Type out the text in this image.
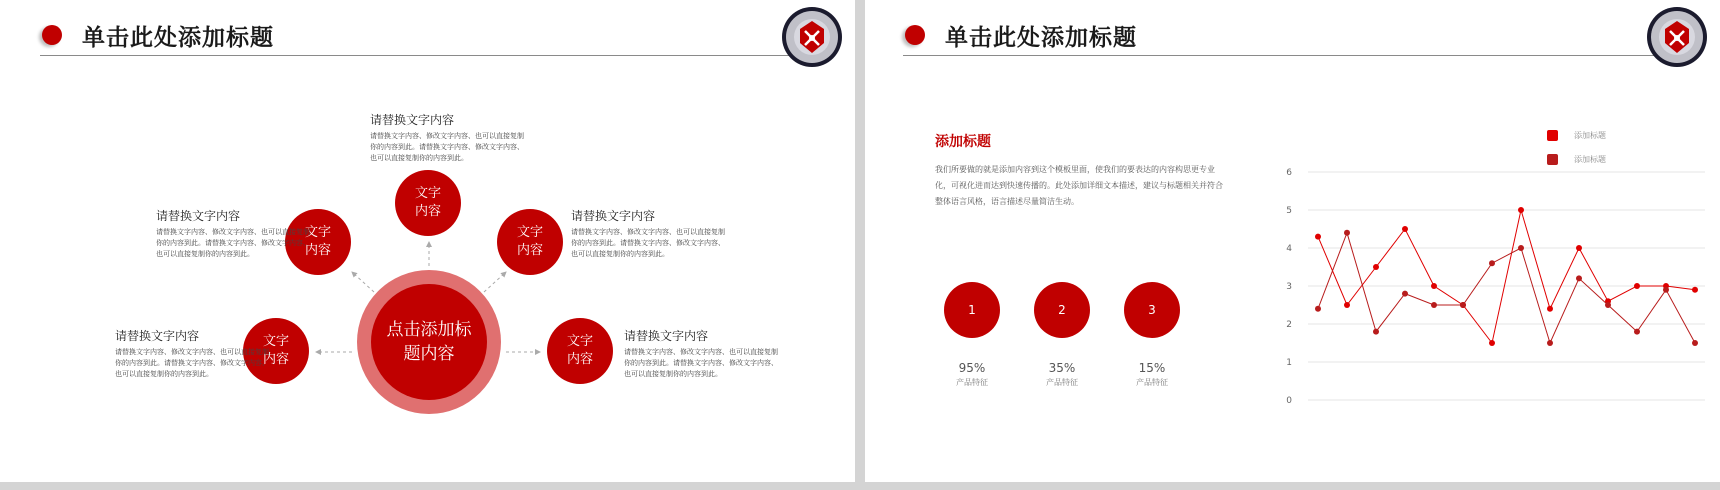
单击此处添加标题
点击添加标题内容
文字内容
文字内容
文字内容
文字内容
文字内容
请替换文字内容
请替换文字内容、修改文字内容、也可以直接复制你的内容到此。请替换文字内容、修改文字内容、也可以直接复制你的内容到此。
请替换文字内容
请替换文字内容、修改文字内容、也可以直接复制你的内容到此。请替换文字内容、修改文字内容、也可以直接复制你的内容到此。
请替换文字内容
请替换文字内容、修改文字内容、也可以直接复制你的内容到此。请替换文字内容、修改文字内容、也可以直接复制你的内容到此。
请替换文字内容
请替换文字内容、修改文字内容、也可以直接复制你的内容到此。请替换文字内容、修改文字内容、也可以直接复制你的内容到此。
请替换文字内容
请替换文字内容、修改文字内容、也可以直接复制你的内容到此。请替换文字内容、修改文字内容、也可以直接复制你的内容到此。
单击此处添加标题
添加标题
我们所要做的就是添加内容到这个模板里面，使我们的要表达的内容构思更专业化，可视化进而达到快速传播的。此处添加详细文本描述，建议与标题相关并符合整体语言风格，语言描述尽量简洁生动。
1	2	3
95%	35%	15%
产品特征	产品特征	产品特征
添加标题
添加标题
0
1
2
3
4
5
6
